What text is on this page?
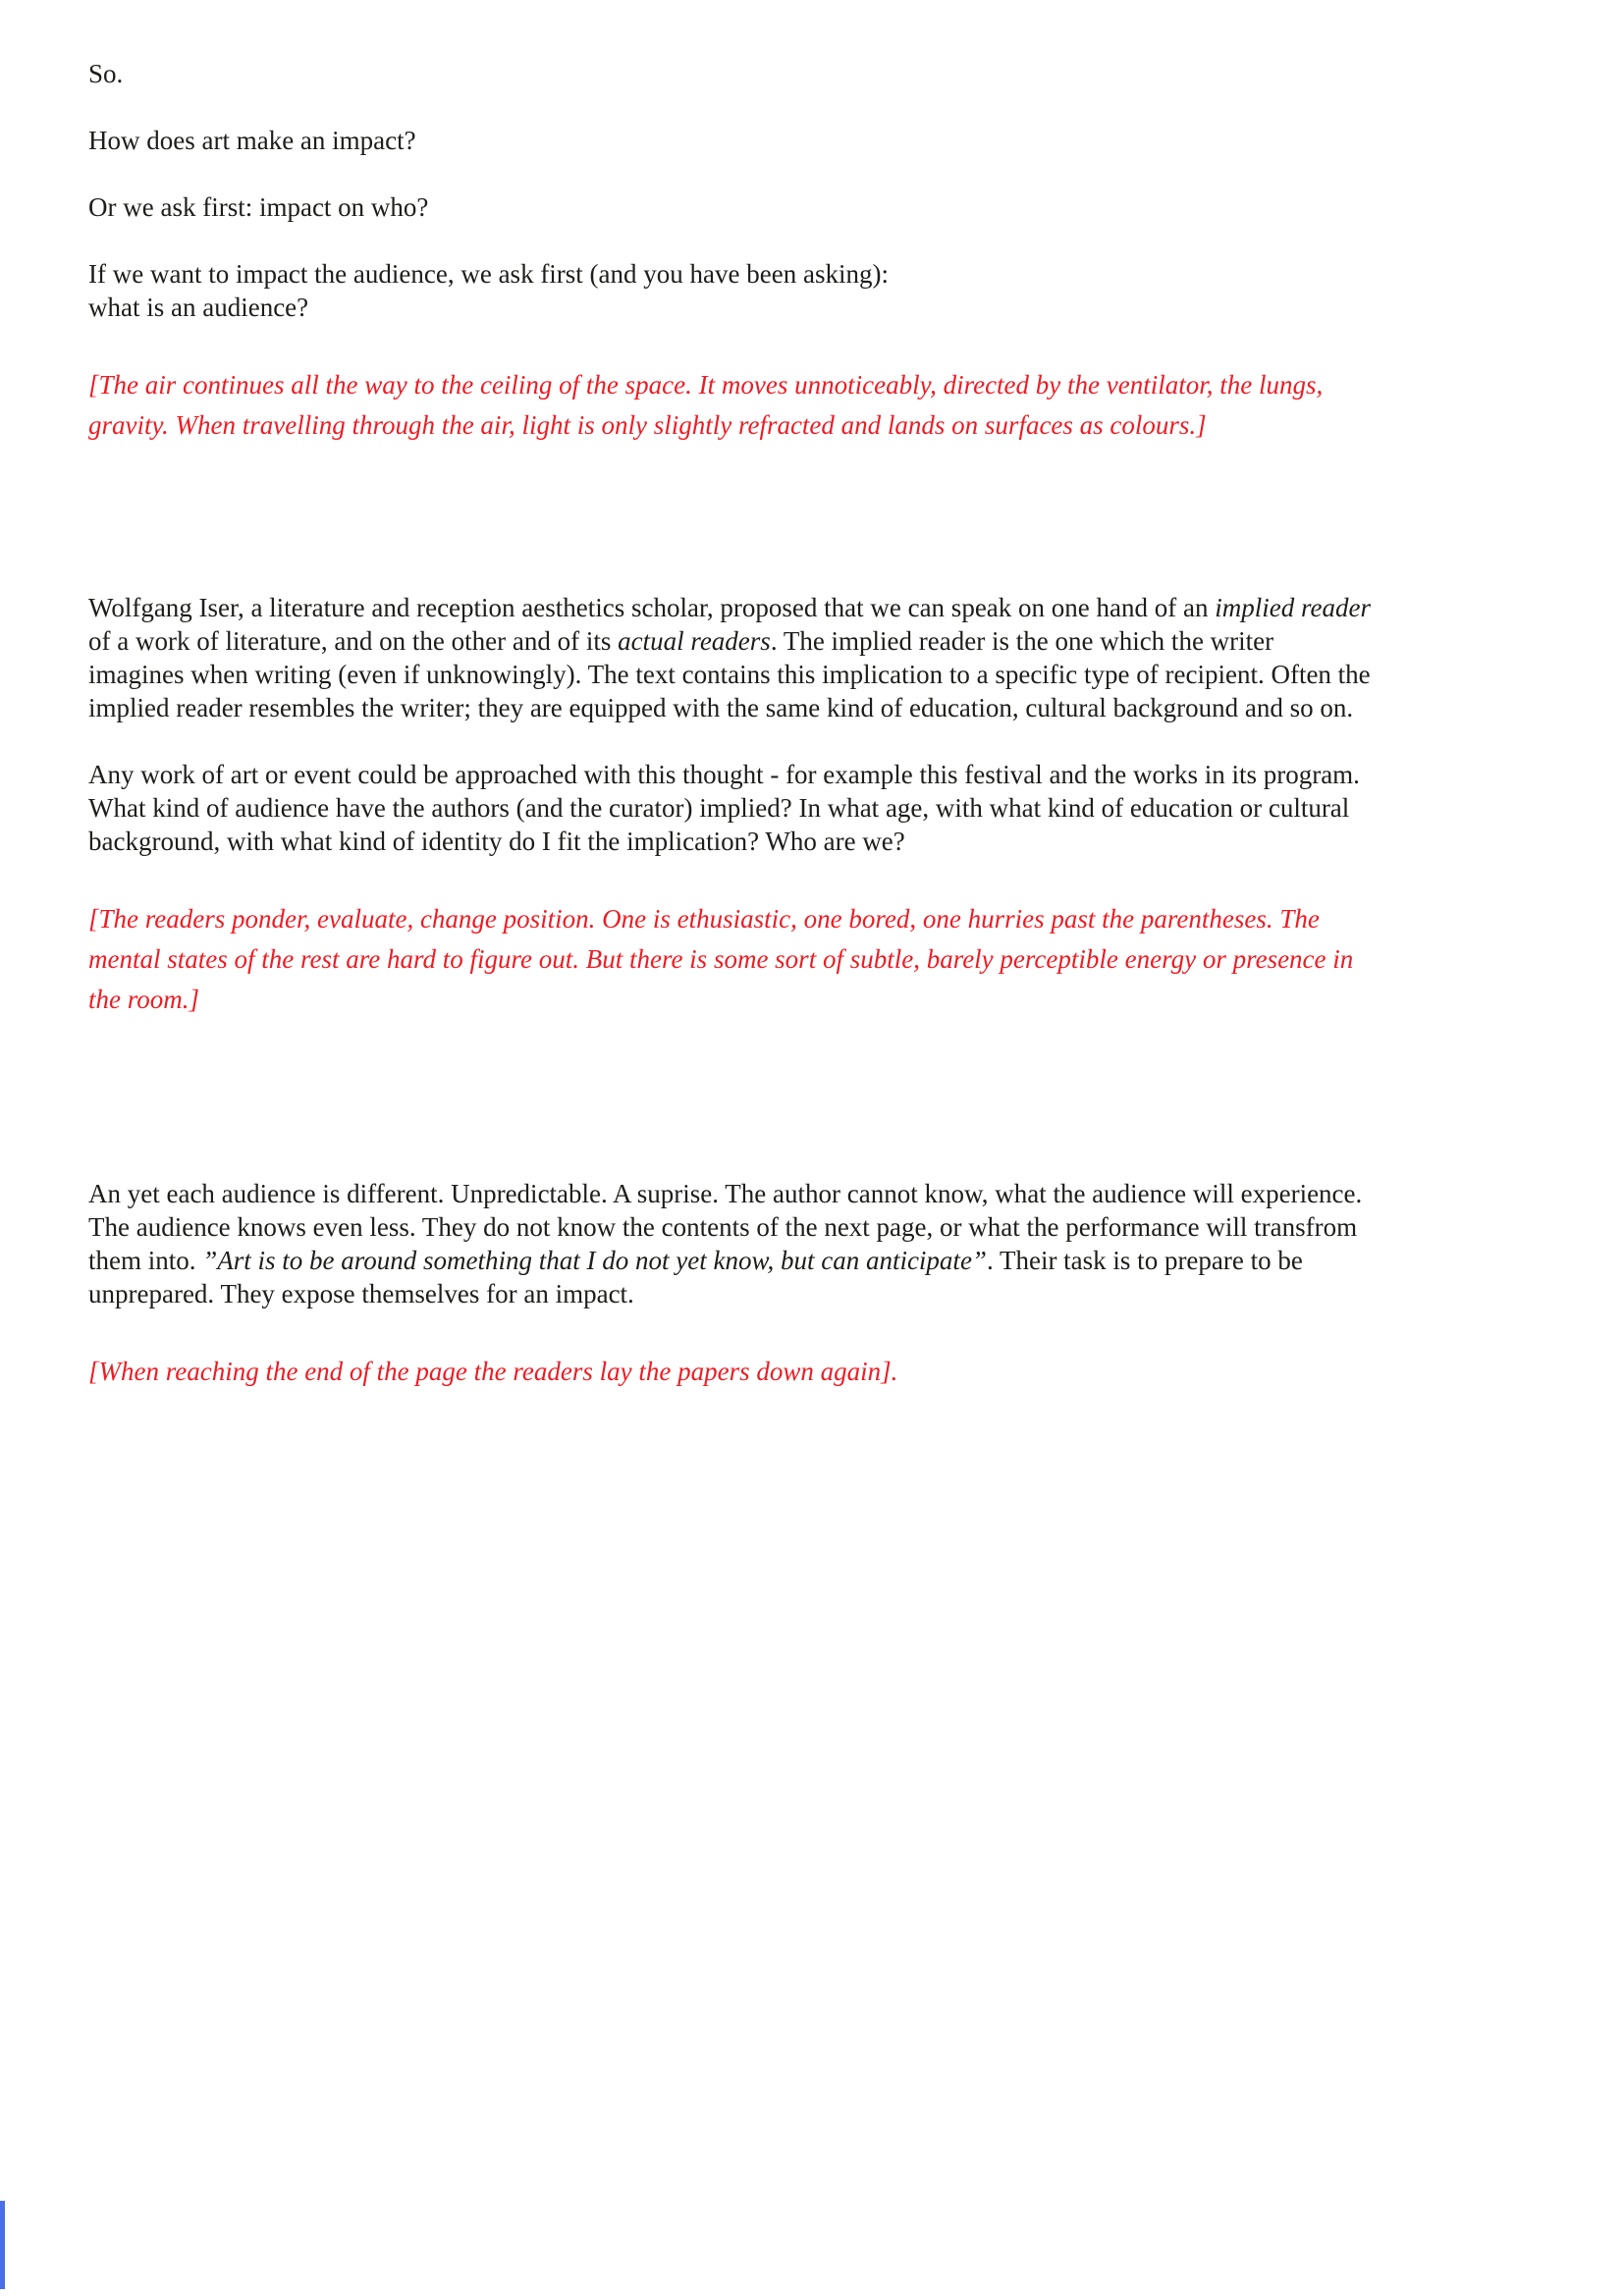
So.

How does art make an impact?

Or we ask first: impact on who?

If we want to impact the audience, we ask first (and you have been asking):
what is an audience?

[The air continues all the way to the ceiling of the space. It moves unnoticeably, directed by the ventilator, the lungs, gravity. When travelling through the air, light is only slightly refracted and lands on surfaces as colours.]

Wolfgang Iser, a literature and reception aesthetics scholar, proposed that we can speak on one hand of an implied reader of a work of literature, and on the other and of its actual readers. The implied reader is the one which the writer imagines when writing (even if unknowingly). The text contains this implication to a specific type of recipient. Often the implied reader resembles the writer; they are equipped with the same kind of education, cultural background and so on.

Any work of art or event could be approached with this thought - for example this festival and the works in its program. What kind of audience have the authors (and the curator) implied? In what age, with what kind of education or cultural background, with what kind of identity do I fit the implication? Who are we?

[The readers ponder, evaluate, change position. One is ethusiastic, one bored, one hurries past the parentheses. The mental states of the rest are hard to figure out. But there is some sort of subtle, barely perceptible energy or presence in the room.]

An yet each audience is different. Unpredictable. A suprise. The author cannot know, what the audience will experience. The audience knows even less. They do not know the contents of the next page, or what the performance will transfrom them into. ”Art is to be around something that I do not yet know, but can anticipate”. Their task is to prepare to be unprepared. They expose themselves for an impact.

[When reaching the end of the page the readers lay the papers down again].
